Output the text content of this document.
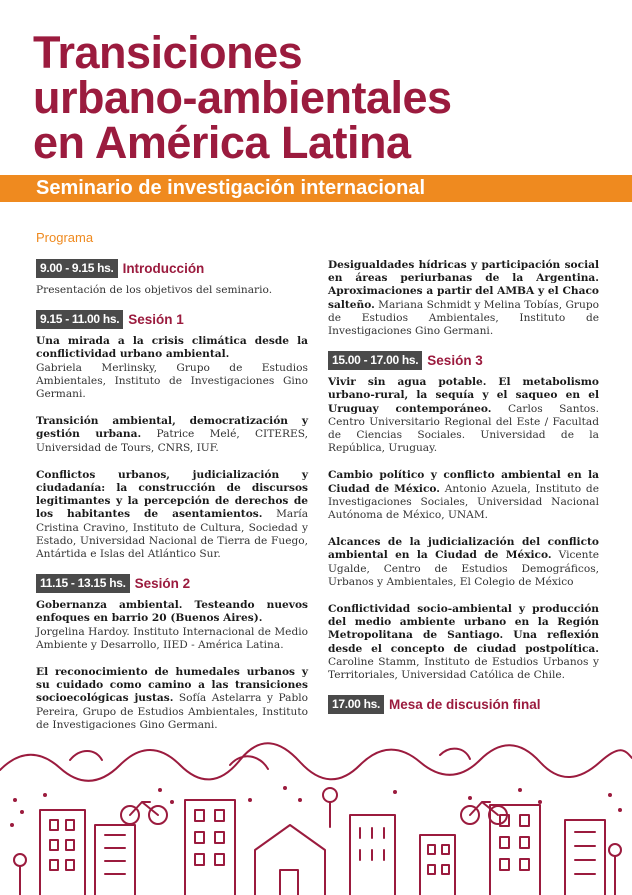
Transiciones
urbano-ambientales
en América Latina
Seminario de investigación internacional
Programa
9.00 - 9.15 hs. Introducción

Presentación de los objetivos del seminario.

9.15 - 11.00 hs. Sesión 1

Una mirada a la crisis climática desde la conflictividad urbano ambiental.
Gabriela Merlinsky, Grupo de Estudios Ambientales, Instituto de Investigaciones Gino Germani.

Transición ambiental, democratización y gestión urbana. Patrice Melé, CITERES, Universidad de Tours, CNRS, IUF.

Conflictos urbanos, judicialización y ciudadanía: la construcción de discursos legitimantes y la percepción de derechos de los habitantes de asentamientos. María Cristina Cravino, Instituto de Cultura, Sociedad y Estado, Universidad Nacional de Tierra de Fuego, Antártida e Islas del Atlántico Sur.

11.15 - 13.15 hs. Sesión 2

Gobernanza ambiental. Testeando nuevos enfoques en barrio 20 (Buenos Aires).
Jorgelina Hardoy. Instituto Internacional de Medio Ambiente y Desarrollo, IIED - América Latina.

El reconocimiento de humedales urbanos y su cuidado como camino a las transiciones socioecológicas justas. Sofía Astelarra y Pablo Pereira, Grupo de Estudios Ambientales, Instituto de Investigaciones Gino Germani.

Desigualdades hídricas y participación social en áreas periurbanas de la Argentina. Aproximaciones a partir del AMBA y el Chaco salteño. Mariana Schmidt y Melina Tobías, Grupo de Estudios Ambientales, Instituto de Investigaciones Gino Germani.

15.00 - 17.00 hs. Sesión 3

Vivir sin agua potable. El metabolismo urbano-rural, la sequía y el saqueo en el Uruguay contemporáneo. Carlos Santos. Centro Universitario Regional del Este / Facultad de Ciencias Sociales. Universidad de la República, Uruguay.

Cambio político y conflicto ambiental en la Ciudad de México. Antonio Azuela, Instituto de Investigaciones Sociales, Universidad Nacional Autónoma de México, UNAM.

Alcances de la judicialización del conflicto ambiental en la Ciudad de México. Vicente Ugalde, Centro de Estudios Demográficos, Urbanos y Ambientales, El Colegio de México

Conflictividad socio-ambiental y producción del medio ambiente urbano en la Región Metropolitana de Santiago. Una reflexión desde el concepto de ciudad postpolítica. Caroline Stamm, Instituto de Estudios Urbanos y Territoriales, Universidad Católica de Chile.

17.00 hs. Mesa de discusión final
